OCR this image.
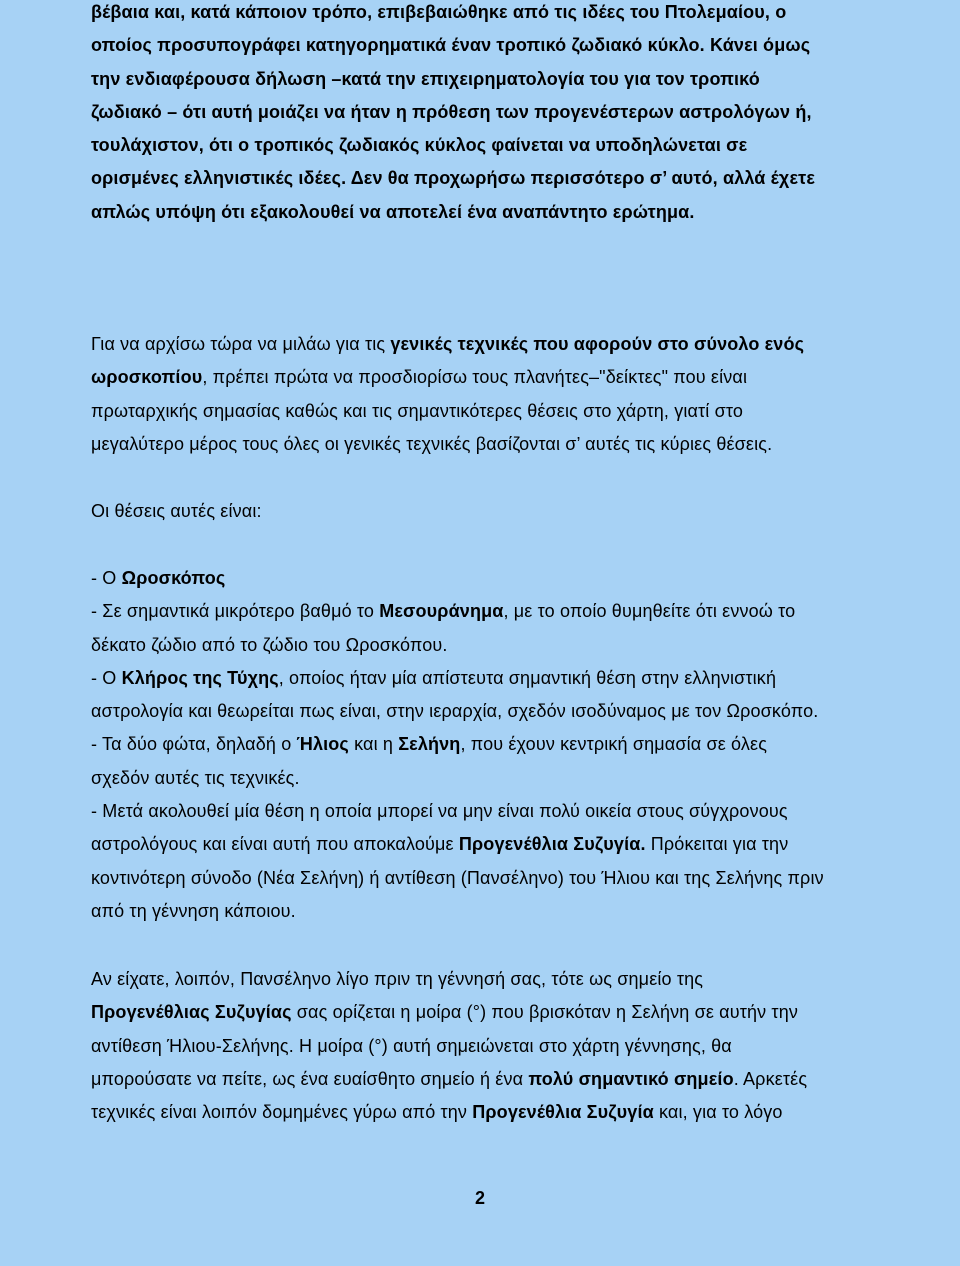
βέβαια και, κατά κάποιον τρόπο, επιβεβαιώθηκε από τις ιδέες του Πτολεμαίου, ο
οποίος προσυπογράφει κατηγορηματικά έναν τροπικό ζωδιακό κύκλο. Κάνει όμως
την ενδιαφέρουσα δήλωση –κατά την επιχειρηματολογία του για τον τροπικό
ζωδιακό – ότι αυτή μοιάζει να ήταν η πρόθεση των προγενέστερων αστρολόγων ή,
τουλάχιστον, ότι ο τροπικός ζωδιακός κύκλος φαίνεται να υποδηλώνεται σε
ορισμένες ελληνιστικές ιδέες. Δεν θα προχωρήσω περισσότερο σ’ αυτό, αλλά έχετε
απλώς υπόψη ότι εξακολουθεί να αποτελεί ένα αναπάντητο ερώτημα.
Για να αρχίσω τώρα να μιλάω για τις γενικές τεχνικές που αφορούν στο σύνολο ενός
ωροσκοπίου, πρέπει πρώτα να προσδιορίσω τους πλανήτες–"δείκτες" που είναι
πρωταρχικής σημασίας καθώς και τις σημαντικότερες θέσεις στο χάρτη, γιατί στο
μεγαλύτερο μέρος τους όλες οι γενικές τεχνικές βασίζονται σ’ αυτές τις κύριες θέσεις.
Οι θέσεις αυτές είναι:
- Ο Ωροσκόπος
- Σε σημαντικά μικρότερο βαθμό το Μεσουράνημα, με το οποίο θυμηθείτε ότι εννοώ το
δέκατο ζώδιο από το ζώδιο του Ωροσκόπου.
- Ο Κλήρος της Τύχης, οποίος ήταν μία απίστευτα σημαντική θέση στην ελληνιστική
αστρολογία και θεωρείται πως είναι, στην ιεραρχία, σχεδόν ισοδύναμος με τον Ωροσκόπο.
- Τα δύο φώτα, δηλαδή ο Ήλιος και η Σελήνη, που έχουν κεντρική σημασία σε όλες
σχεδόν αυτές τις τεχνικές.
- Μετά ακολουθεί μία θέση η οποία μπορεί να μην είναι πολύ οικεία στους σύγχρονους
αστρολόγους και είναι αυτή που αποκαλούμε Προγενέθλια Συζυγία. Πρόκειται για την
κοντινότερη σύνοδο (Νέα Σελήνη) ή αντίθεση (Πανσέληνο) του Ήλιου και της Σελήνης πριν
από τη γέννηση κάποιου.
Αν είχατε, λοιπόν, Πανσέληνο λίγο πριν τη γέννησή σας, τότε ως σημείο της
Προγενέθλιας Συζυγίας σας ορίζεται η μοίρα (°) που βρισκόταν η Σελήνη σε αυτήν την
αντίθεση Ήλιου-Σελήνης. Η μοίρα (°) αυτή σημειώνεται στο χάρτη γέννησης, θα
μπορούσατε να πείτε, ως ένα ευαίσθητο σημείο ή ένα πολύ σημαντικό σημείο. Αρκετές
τεχνικές είναι λοιπόν δομημένες γύρω από την Προγενέθλια Συζυγία και, για το λόγο
2
